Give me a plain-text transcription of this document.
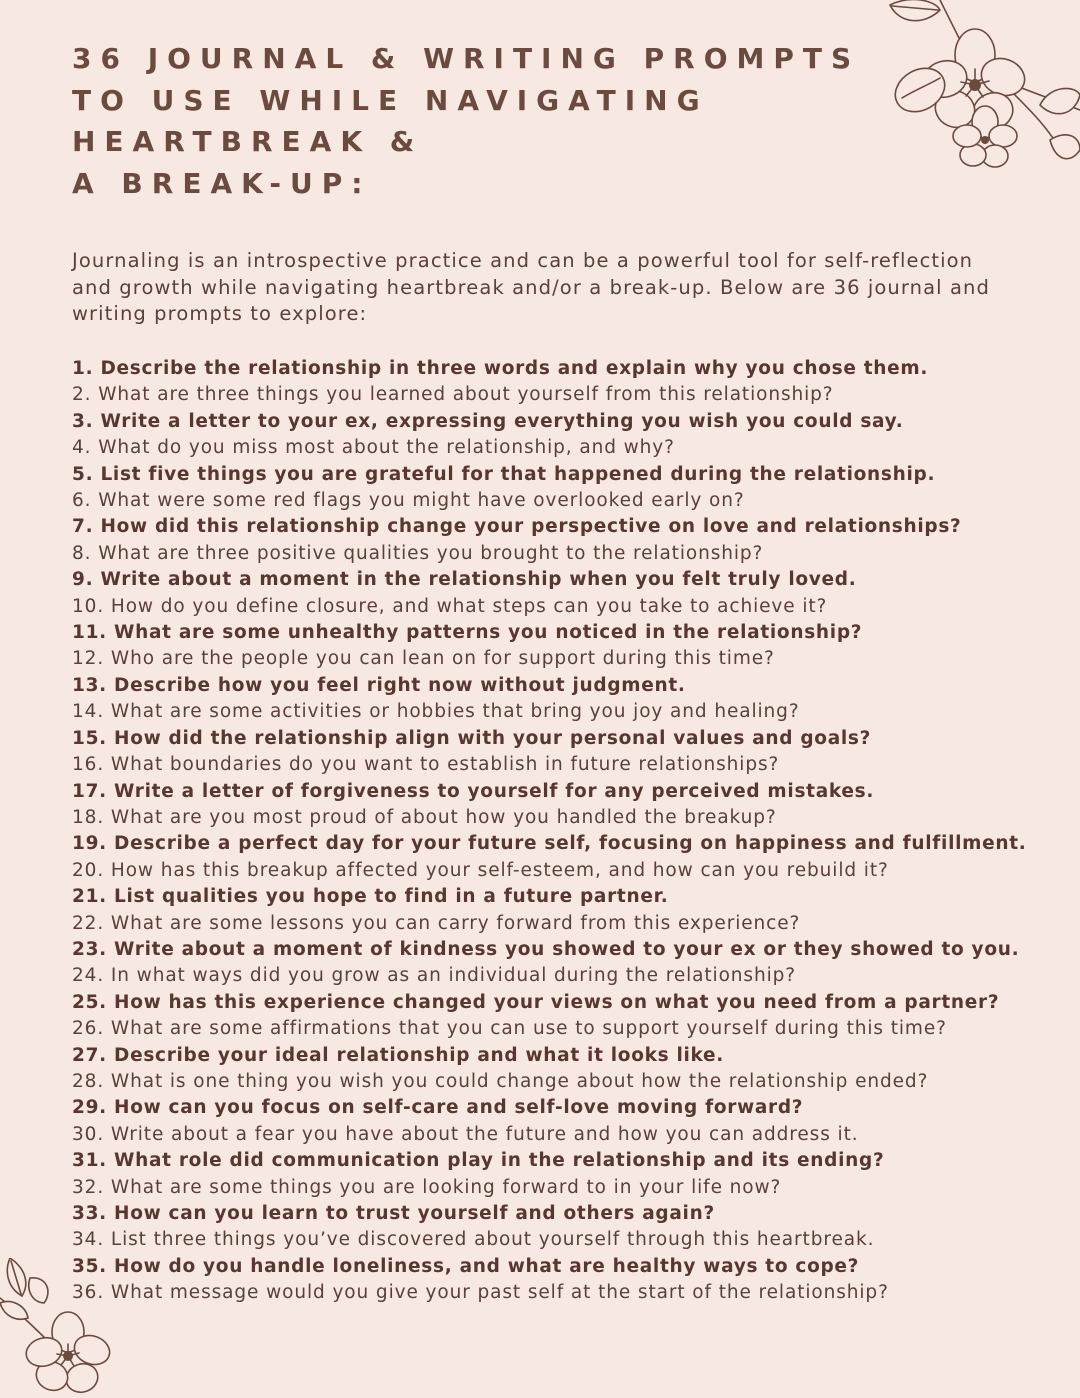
36 JOURNAL & WRITING PROMPTS
TO USE WHILE NAVIGATING
HEARTBREAK &
A BREAK-UP:

Journaling is an introspective practice and can be a powerful tool for self-reflection
and growth while navigating heartbreak and/or a break-up. Below are 36 journal and
writing prompts to explore:

1. Describe the relationship in three words and explain why you chose them.
2. What are three things you learned about yourself from this relationship?
3. Write a letter to your ex, expressing everything you wish you could say.
4. What do you miss most about the relationship, and why?
5. List five things you are grateful for that happened during the relationship.
6. What were some red flags you might have overlooked early on?
7. How did this relationship change your perspective on love and relationships?
8. What are three positive qualities you brought to the relationship?
9. Write about a moment in the relationship when you felt truly loved.
10. How do you define closure, and what steps can you take to achieve it?
11. What are some unhealthy patterns you noticed in the relationship?
12. Who are the people you can lean on for support during this time?
13. Describe how you feel right now without judgment.
14. What are some activities or hobbies that bring you joy and healing?
15. How did the relationship align with your personal values and goals?
16. What boundaries do you want to establish in future relationships?
17. Write a letter of forgiveness to yourself for any perceived mistakes.
18. What are you most proud of about how you handled the breakup?
19. Describe a perfect day for your future self, focusing on happiness and fulfillment.
20. How has this breakup affected your self-esteem, and how can you rebuild it?
21. List qualities you hope to find in a future partner.
22. What are some lessons you can carry forward from this experience?
23. Write about a moment of kindness you showed to your ex or they showed to you.
24. In what ways did you grow as an individual during the relationship?
25. How has this experience changed your views on what you need from a partner?
26. What are some affirmations that you can use to support yourself during this time?
27. Describe your ideal relationship and what it looks like.
28. What is one thing you wish you could change about how the relationship ended?
29. How can you focus on self-care and self-love moving forward?
30. Write about a fear you have about the future and how you can address it.
31. What role did communication play in the relationship and its ending?
32. What are some things you are looking forward to in your life now?
33. How can you learn to trust yourself and others again?
34. List three things you’ve discovered about yourself through this heartbreak.
35. How do you handle loneliness, and what are healthy ways to cope?
36. What message would you give your past self at the start of the relationship?
